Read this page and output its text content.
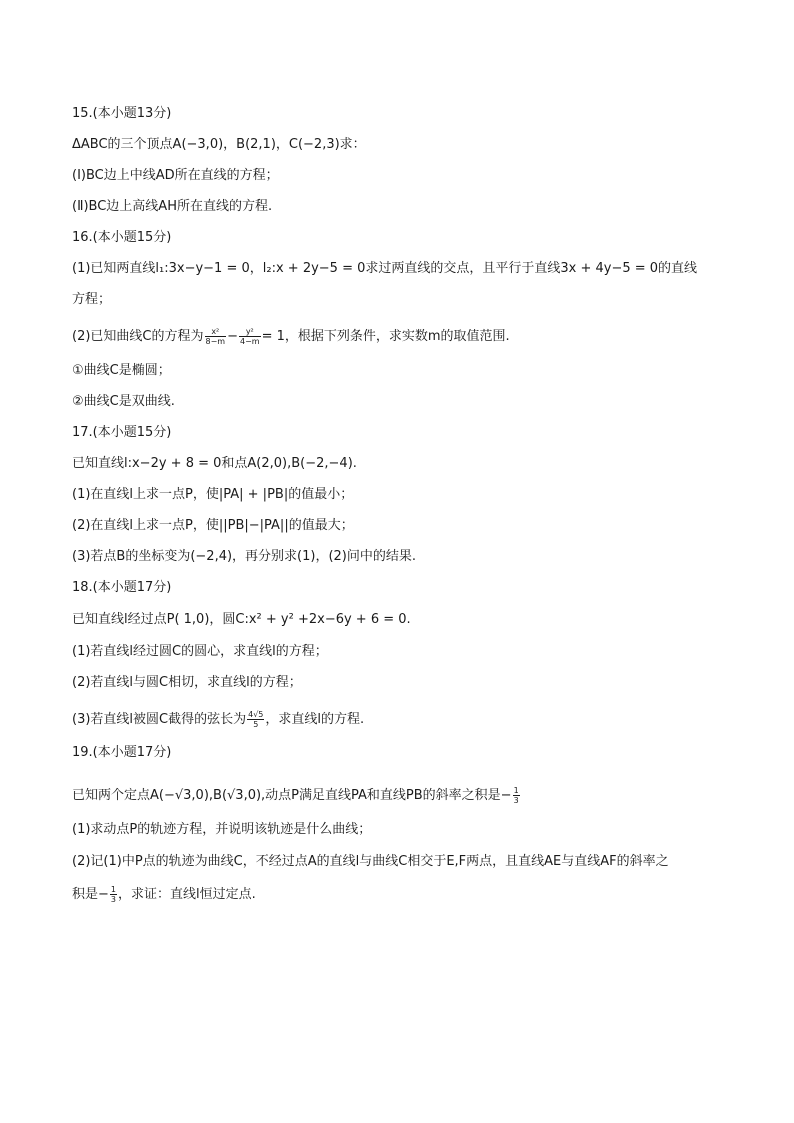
15.(本小题13分)
ΔABC的三个顶点A(−3,0)，B(2,1)，C(−2,3)求：
(Ⅰ)BC边上中线AD所在直线的方程；
(Ⅱ)BC边上高线AH所在直线的方程.
16.(本小题15分)
(1)已知两直线l₁:3x−y−1 = 0，l₂:x + 2y−5 = 0求过两直线的交点，且平行于直线3x + 4y−5 = 0的直线
方程；
(2)已知曲线C的方程为 $\frac{\text{x²}}{8-m} - \frac{\text{y²}}{4-m} = 1$，根据下列条件，求实数m的取值范围.
①曲线C是椭圆；
②曲线C是双曲线.
17.(本小题15分)
已知直线l:x−2y + 8 = 0和点A(2,0),B(−2,−4).
(1)在直线l上求一点P，使|PA| + |PB|的值最小；
(2)在直线l上求一点P，使||PB|−|PA||的值最大；
(3)若点B的坐标变为(−2,4)，再分别求(1)，(2)问中的结果.
18.(本小题17分)
已知直线l经过点P( 1,0)，圆C:x² + y² +2x−6y + 6 = 0.
(1)若直线l经过圆C的圆心，求直线l的方程；
(2)若直线l与圆C相切，求直线l的方程；
(3)若直线l被圆C截得的弦长为 $\frac{4√5}{5}$ ，求直线l的方程.
19.(本小题17分)
已知两个定点A(−√3,0),B(√3,0),动点P满足直线PA和直线PB的斜率之积是− $\frac{1}{3}$
(1)求动点P的轨迹方程，并说明该轨迹是什么曲线；
(2)记(1)中P点的轨迹为曲线C，不经过点A的直线l与曲线C相交于E,F两点，且直线AE与直线AF的斜率之
积是− $\frac{1}{3}$ ，求证：直线l恒过定点.
